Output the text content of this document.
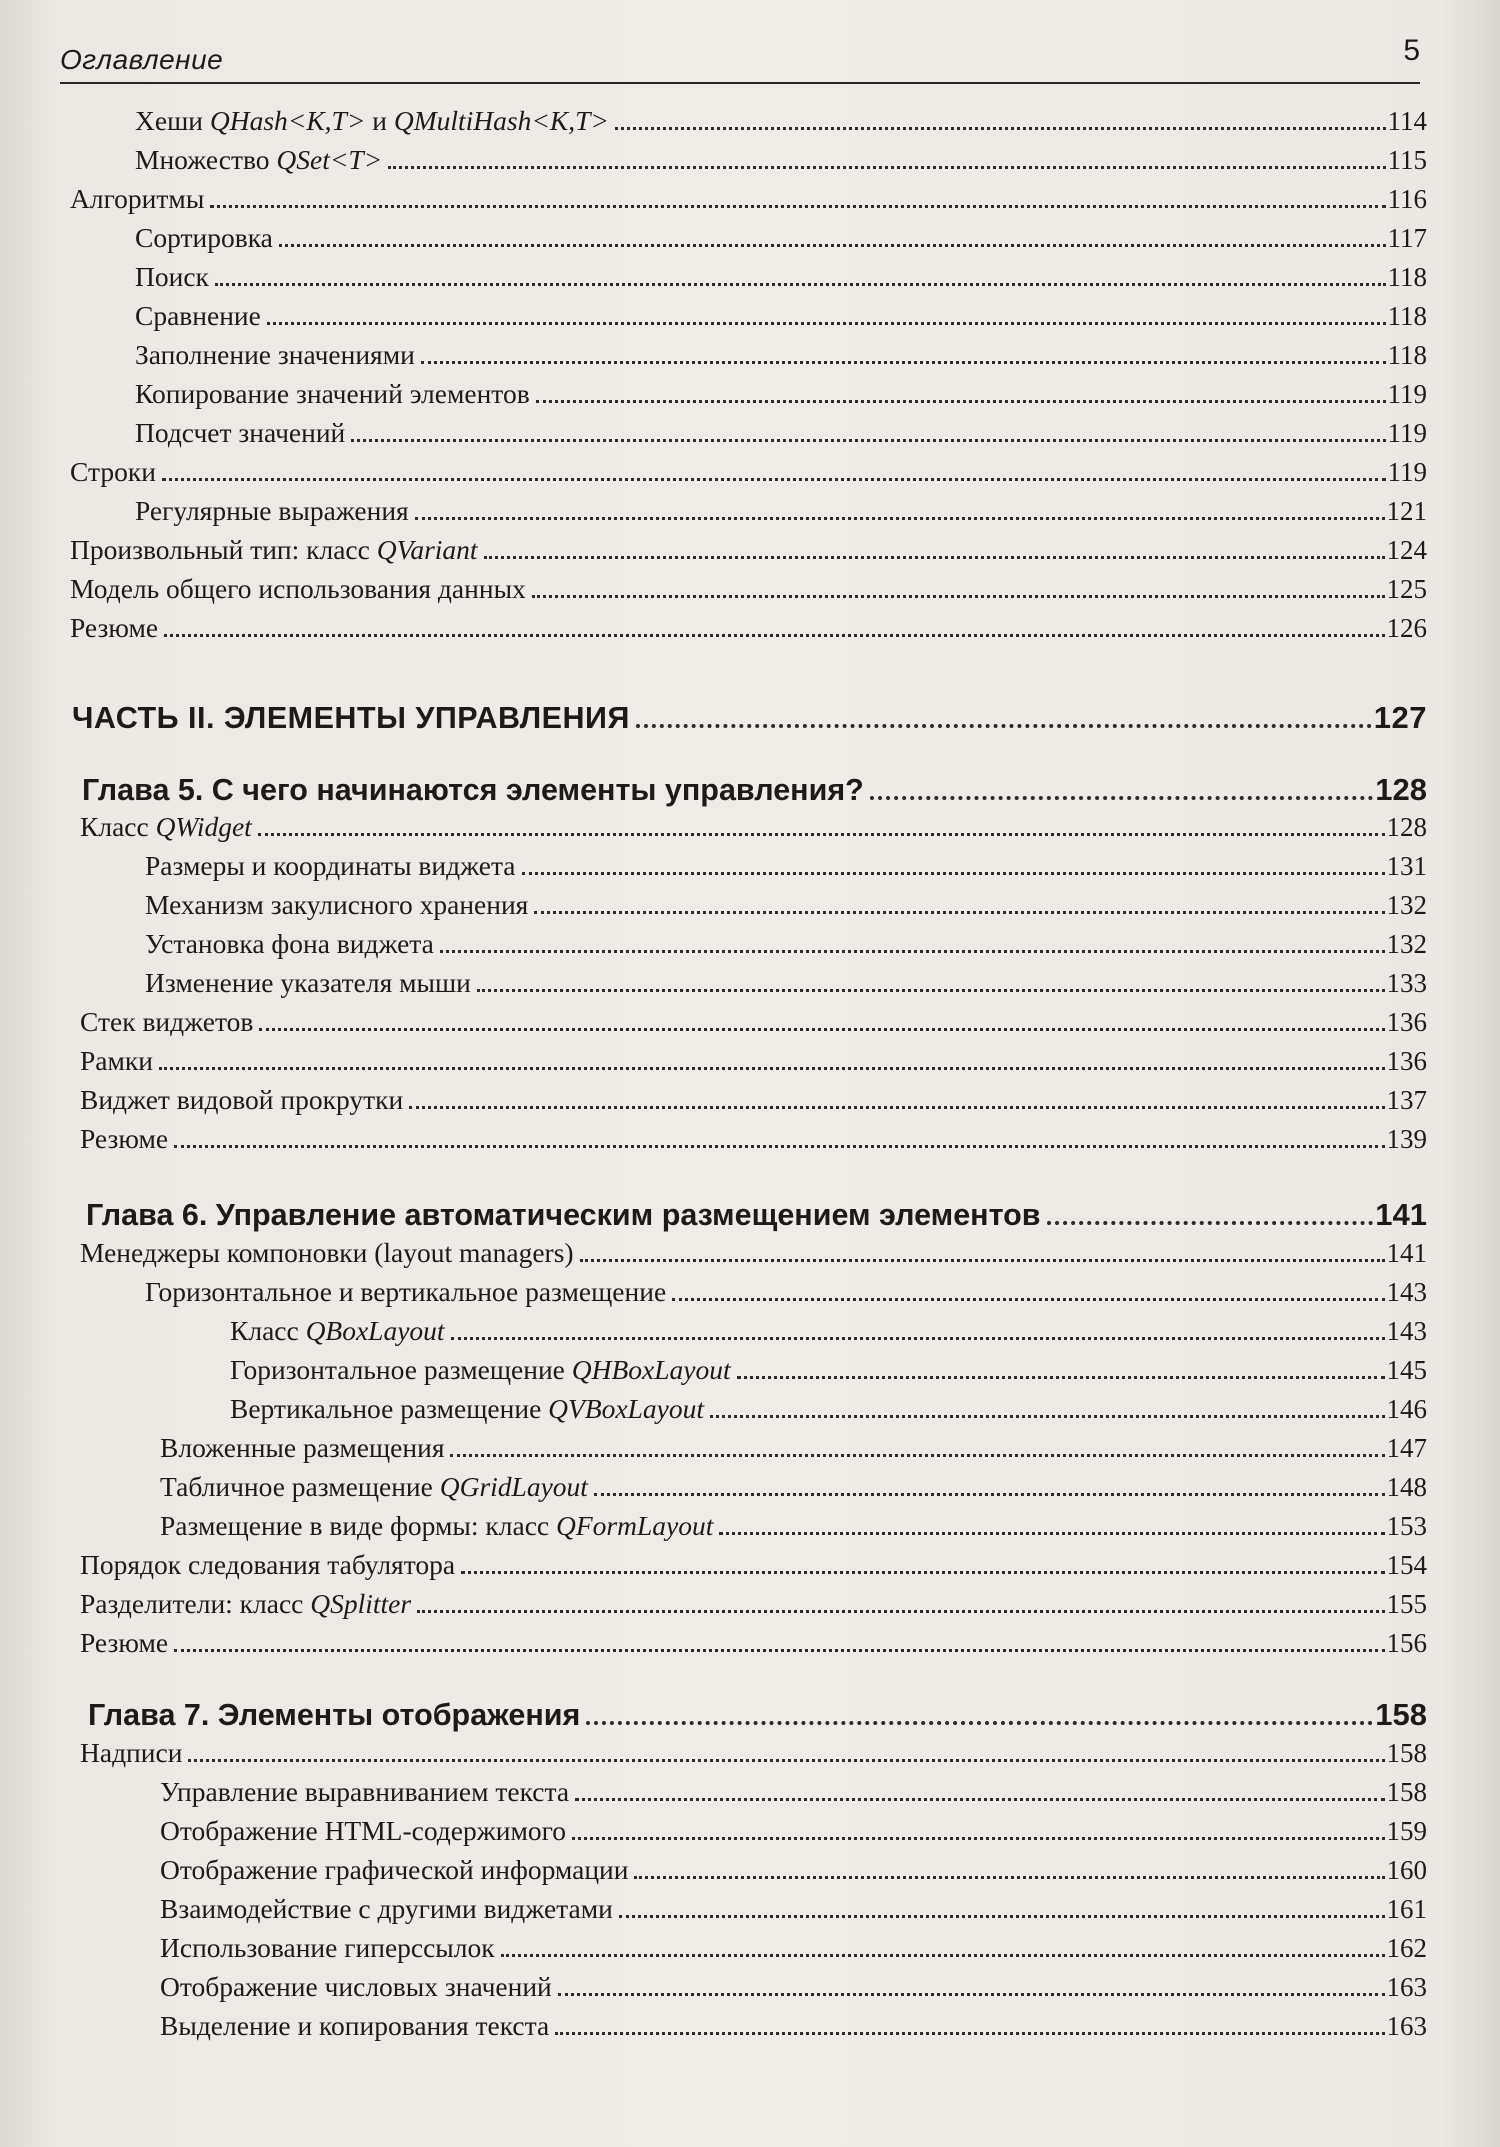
Оглавление	5
Хеши QHash<K,T> и QMultiHash<K,T>	114
Множество QSet<T>	115
Алгоритмы	116
Сортировка	117
Поиск	118
Сравнение	118
Заполнение значениями	118
Копирование значений элементов	119
Подсчет значений	119
Строки	119
Регулярные выражения	121
Произвольный тип: класс QVariant	124
Модель общего использования данных	125
Резюме	126
ЧАСТЬ II. ЭЛЕМЕНТЫ УПРАВЛЕНИЯ	127
Глава 5. С чего начинаются элементы управления?	128
Класс QWidget	128
Размеры и координаты виджета	131
Механизм закулисного хранения	132
Установка фона виджета	132
Изменение указателя мыши	133
Стек виджетов	136
Рамки	136
Виджет видовой прокрутки	137
Резюме	139
Глава 6. Управление автоматическим размещением элементов	141
Менеджеры компоновки (layout managers)	141
Горизонтальное и вертикальное размещение	143
Класс QBoxLayout	143
Горизонтальное размещение QHBoxLayout	145
Вертикальное размещение QVBoxLayout	146
Вложенные размещения	147
Табличное размещение QGridLayout	148
Размещение в виде формы: класс QFormLayout	153
Порядок следования табулятора	154
Разделители: класс QSplitter	155
Резюме	156
Глава 7. Элементы отображения	158
Надписи	158
Управление выравниванием текста	158
Отображение HTML-содержимого	159
Отображение графической информации	160
Взаимодействие с другими виджетами	161
Использование гиперссылок	162
Отображение числовых значений	163
Выделение и копирования текста	163
